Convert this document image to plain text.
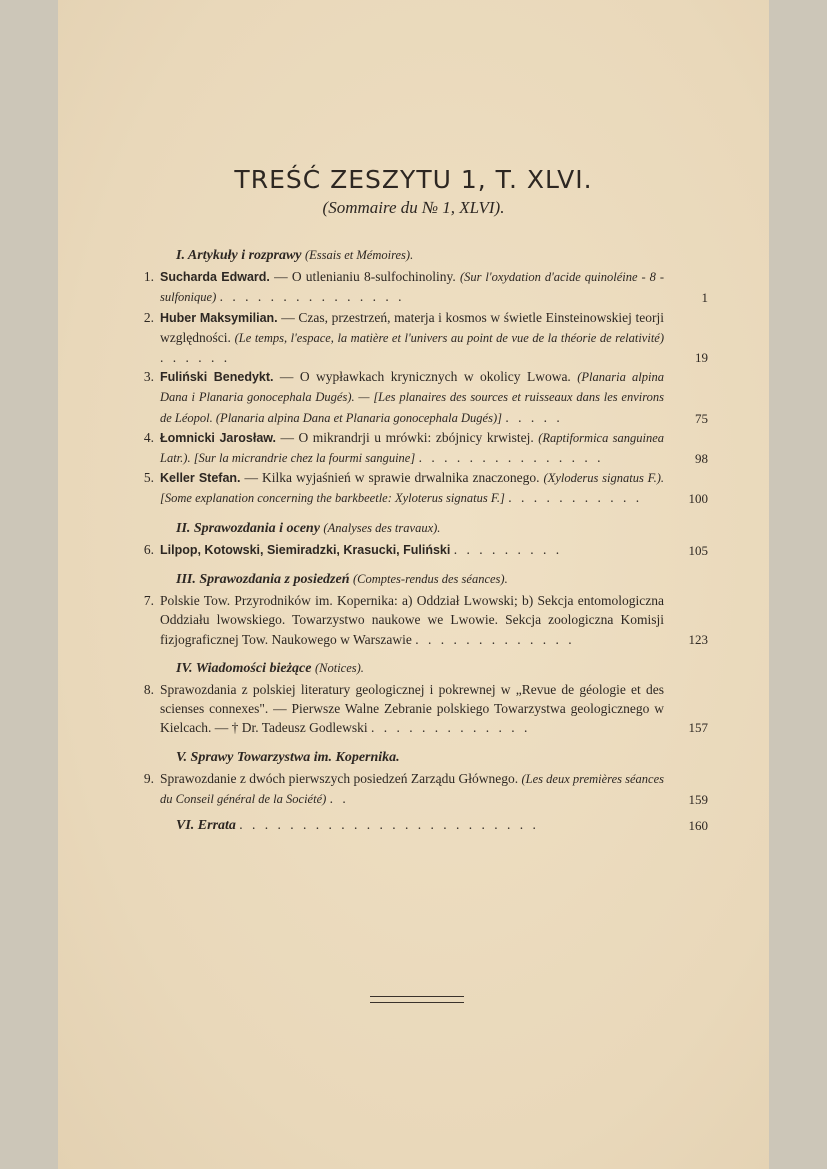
TREŚĆ ZESZYTU 1, T. XLVI.
(Sommaire du № 1, XLVI).
I. Artykuły i rozprawy (Essais et Mémoires).
1. Sucharda Edward. — O utlenianiu 8-sulfochinoliny. (Sur l'oxydation d'acide quinoléine - 8 - sulfonique) . . . . . . . . . . . . . . .	1
2. Huber Maksymilian. — Czas, przestrzeń, materja i kosmos w świetle Einsteinowskiej teorji względności. (Le temps, l'espace, la matière et l'univers au point de vue de la théorie de relativité) . . . . . .	19
3. Fuliński Benedykt. — O wypławkach krynicznych w okolicy Lwowa. (Planaria alpina Dana i Planaria gonocephala Dugés). — [Les planaires des sources et ruisseaux dans les environs de Léopol. (Planaria alpina Dana et Planaria gonocephala Dugés)] . . . . .	75
4. Łomnicki Jarosław. — O mikrandrji u mrówki: zbójnicy krwistej. (Raptiformica sanguinea Latr.). [Sur la micrandrie chez la fourmi sanguine] . . . . . . . . . . . . . . .	98
5. Keller Stefan. — Kilka wyjaśnień w sprawie drwalnika znaczonego. (Xyloderus signatus F.). [Some explanation concerning the barkbeetle: Xyloterus signatus F.] . . . . . . . . . . .	100
II. Sprawozdania i oceny (Analyses des travaux).
6. Lilpop, Kotowski, Siemiradzki, Krasucki, Fuliński . . . . . . . . .	105
III. Sprawozdania z posiedzeń (Comptes-rendus des séances).
7. Polskie Tow. Przyrodników im. Kopernika: a) Oddział Lwowski; b) Sekcja entomologiczna Oddziału lwowskiego. Towarzystwo naukowe we Lwowie. Sekcja zoologiczna Komisji fizjograficznej Tow. Naukowego w Warszawie . . . . . . . . . . . . .	123
IV. Wiadomości bieżące (Notices).
8. Sprawozdania z polskiej literatury geologicznej i pokrewnej w „Revue de géologie et des scienses connexes". — Pierwsze Walne Zebranie polskiego Towarzystwa geologicznego w Kielcach. — † Dr. Tadeusz Godlewski . . . . . . . . . . . . .	157
V. Sprawy Towarzystwa im. Kopernika.
9. Sprawozdanie z dwóch pierwszych posiedzeń Zarządu Głównego. (Les deux premières séances du Conseil général de la Société) . .	159
VI. Errata . . . . . . . . . . . . . . . . . . . . . . . .	160
